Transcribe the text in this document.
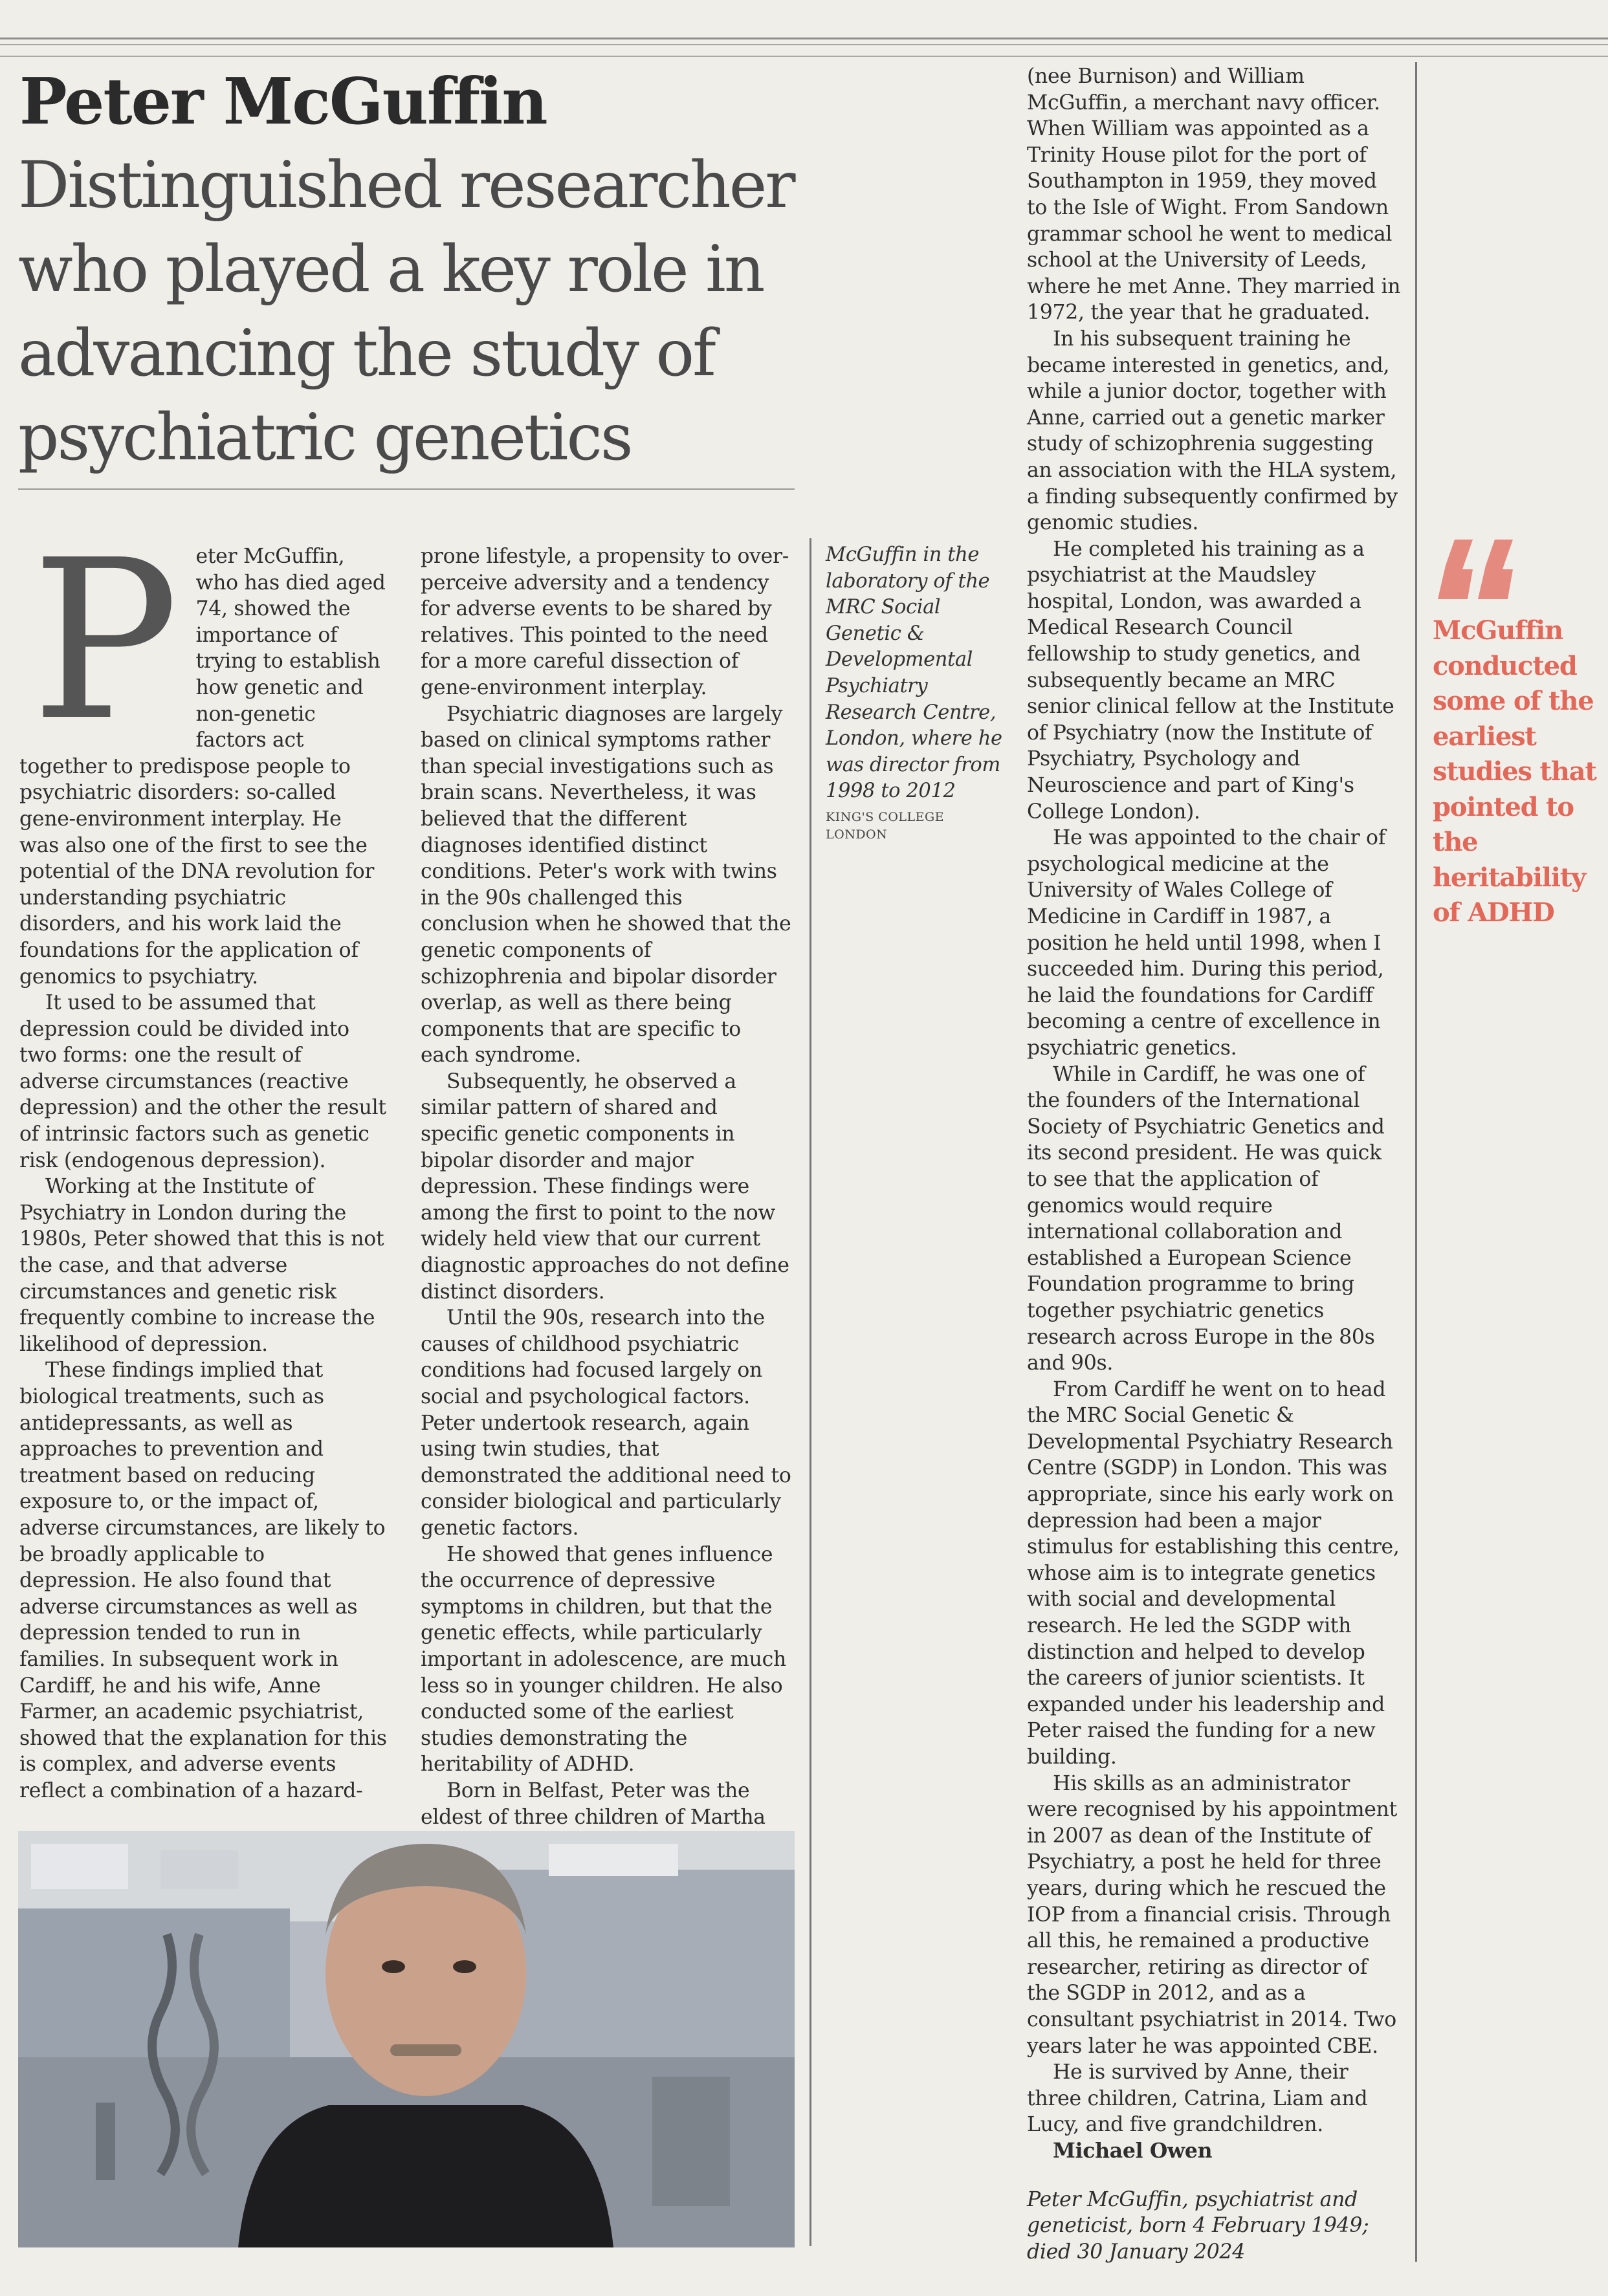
Peter McGuffin
Distinguished researcher who played a key role in advancing the study of psychiatric genetics
P eter McGuffin, who has died aged 74, showed the importance of trying to establish how genetic and non-genetic factors act together to predispose people to psychiatric disorders: so-called gene-environment interplay. He was also one of the first to see the potential of the DNA revolution for understanding psychiatric disorders, and his work laid the foundations for the application of genomics to psychiatry.

It used to be assumed that depression could be divided into two forms: one the result of adverse circumstances (reactive depression) and the other the result of intrinsic factors such as genetic risk (endogenous depression).

Working at the Institute of Psychiatry in London during the 1980s, Peter showed that this is not the case, and that adverse circumstances and genetic risk frequently combine to increase the likelihood of depression.

These findings implied that biological treatments, such as antidepressants, as well as approaches to prevention and treatment based on reducing exposure to, or the impact of, adverse circumstances, are likely to be broadly applicable to depression. He also found that adverse circumstances as well as depression tended to run in families. In subsequent work in Cardiff, he and his wife, Anne Farmer, an academic psychiatrist, showed that the explanation for this is complex, and adverse events reflect a combination of a hazard-

prone lifestyle, a propensity to over-perceive adversity and a tendency for adverse events to be shared by relatives. This pointed to the need for a more careful dissection of gene-environment interplay.

Psychiatric diagnoses are largely based on clinical symptoms rather than special investigations such as brain scans. Nevertheless, it was believed that the different diagnoses identified distinct conditions. Peter's work with twins in the 90s challenged this conclusion when he showed that the genetic components of schizophrenia and bipolar disorder overlap, as well as there being components that are specific to each syndrome.

Subsequently, he observed a similar pattern of shared and specific genetic components in bipolar disorder and major depression. These findings were among the first to point to the now widely held view that our current diagnostic approaches do not define distinct disorders.

Until the 90s, research into the causes of childhood psychiatric conditions had focused largely on social and psychological factors. Peter undertook research, again using twin studies, that demonstrated the additional need to consider biological and particularly genetic factors.

He showed that genes influence the occurrence of depressive symptoms in children, but that the genetic effects, while particularly important in adolescence, are much less so in younger children. He also conducted some of the earliest studies demonstrating the heritability of ADHD.

Born in Belfast, Peter was the eldest of three children of Martha

McGuffin in the laboratory of the MRC Social Genetic & Developmental Psychiatry Research Centre, London, where he was director from 1998 to 2012
KING'S COLLEGE LONDON

(nee Burnison) and William McGuffin, a merchant navy officer. When William was appointed as a Trinity House pilot for the port of Southampton in 1959, they moved to the Isle of Wight. From Sandown grammar school he went to medical school at the University of Leeds, where he met Anne. They married in 1972, the year that he graduated.

In his subsequent training he became interested in genetics, and, while a junior doctor, together with Anne, carried out a genetic marker study of schizophrenia suggesting an association with the HLA system, a finding subsequently confirmed by genomic studies.

He completed his training as a psychiatrist at the Maudsley hospital, London, was awarded a Medical Research Council fellowship to study genetics, and subsequently became an MRC senior clinical fellow at the Institute of Psychiatry (now the Institute of Psychiatry, Psychology and Neuroscience and part of King's College London).

He was appointed to the chair of psychological medicine at the University of Wales College of Medicine in Cardiff in 1987, a position he held until 1998, when I succeeded him. During this period, he laid the foundations for Cardiff becoming a centre of excellence in psychiatric genetics.

While in Cardiff, he was one of the founders of the International Society of Psychiatric Genetics and its second president. He was quick to see that the application of genomics would require international collaboration and established a European Science Foundation programme to bring together psychiatric genetics research across Europe in the 80s and 90s.

From Cardiff he went on to head the MRC Social Genetic & Developmental Psychiatry Research Centre (SGDP) in London. This was appropriate, since his early work on depression had been a major stimulus for establishing this centre, whose aim is to integrate genetics with social and developmental research. He led the SGDP with distinction and helped to develop the careers of junior scientists. It expanded under his leadership and Peter raised the funding for a new building.

His skills as an administrator were recognised by his appointment in 2007 as dean of the Institute of Psychiatry, a post he held for three years, during which he rescued the IOP from a financial crisis. Through all this, he remained a productive researcher, retiring as director of the SGDP in 2012, and as a consultant psychiatrist in 2014. Two years later he was appointed CBE.

He is survived by Anne, their three children, Catrina, Liam and Lucy, and five grandchildren.

Michael Owen

Peter McGuffin, psychiatrist and geneticist, born 4 February 1949; died 30 January 2024

McGuffin conducted some of the earliest studies that pointed to the heritability of ADHD
